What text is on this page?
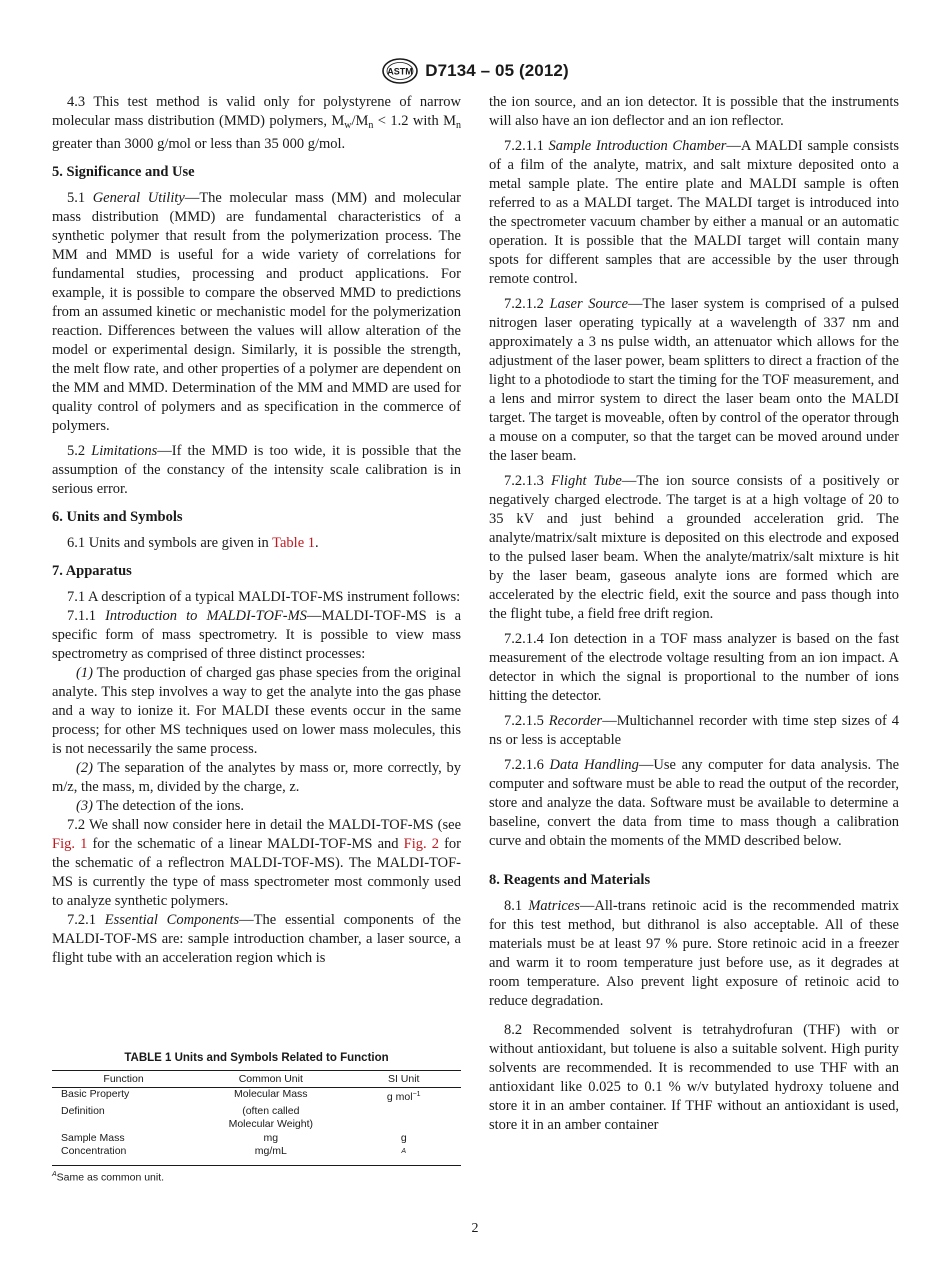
ASTM D7134 – 05 (2012)

4.3 This test method is valid only for polystyrene of narrow molecular mass distribution (MMD) polymers, $M_w/M_n < 1.2$ with $M_n$ greater than 3000 g/mol or less than 35 000 g/mol.

5. Significance and Use

5.1 General Utility—The molecular mass (MM) and molecular mass distribution (MMD) are fundamental characteristics of a synthetic polymer that result from the polymerization process. The MM and MMD is useful for a wide variety of correlations for fundamental studies, processing and product applications. For example, it is possible to compare the observed MMD to predictions from an assumed kinetic or mechanistic model for the polymerization reaction. Differences between the values will allow alteration of the model or experimental design. Similarly, it is possible the strength, the melt flow rate, and other properties of a polymer are dependent on the MM and MMD. Determination of the MM and MMD are used for quality control of polymers and as specification in the commerce of polymers.

5.2 Limitations—If the MMD is too wide, it is possible that the assumption of the constancy of the intensity scale calibration is in serious error.

6. Units and Symbols

6.1 Units and symbols are given in Table 1.

7. Apparatus

7.1 A description of a typical MALDI-TOF-MS instrument follows:

7.1.1 Introduction to MALDI-TOF-MS—MALDI-TOF-MS is a specific form of mass spectrometry. It is possible to view mass spectrometry as comprised of three distinct processes:

(1) The production of charged gas phase species from the original analyte. This step involves a way to get the analyte into the gas phase and a way to ionize it. For MALDI these events occur in the same process; for other MS techniques used on lower mass molecules, this is not necessarily the same process.

(2) The separation of the analytes by mass or, more correctly, by m/z, the mass, m, divided by the charge, z.

(3) The detection of the ions.

7.2 We shall now consider here in detail the MALDI-TOF-MS (see Fig. 1 for the schematic of a linear MALDI-TOF-MS and Fig. 2 for the schematic of a reflectron MALDI-TOF-MS). The MALDI-TOF-MS is currently the type of mass spectrometer most commonly used to analyze synthetic polymers.

7.2.1 Essential Components—The essential components of the MALDI-TOF-MS are: sample introduction chamber, a laser source, a flight tube with an acceleration region which is

TABLE 1 Units and Symbols Related to Function
Function	Common Unit	SI Unit
Basic Property	Molecular Mass	g mol$^{-1}$
Definition	(often called	
	Molecular Weight)	
Sample Mass	mg	g
Concentration	mg/mL	$^A$
$^A$Same as common unit.

the ion source, and an ion detector. It is possible that the instruments will also have an ion deflector and an ion reflector.

7.2.1.1 Sample Introduction Chamber—A MALDI sample consists of a film of the analyte, matrix, and salt mixture deposited onto a metal sample plate. The entire plate and MALDI sample is often referred to as a MALDI target. The MALDI target is introduced into the spectrometer vacuum chamber by either a manual or an automatic operation. It is possible that the MALDI target will contain many spots for different samples that are accessible by the user through remote control.

7.2.1.2 Laser Source—The laser system is comprised of a pulsed nitrogen laser operating typically at a wavelength of 337 nm and approximately a 3 ns pulse width, an attenuator which allows for the adjustment of the laser power, beam splitters to direct a fraction of the light to a photodiode to start the timing for the TOF measurement, and a lens and mirror system to direct the laser beam onto the MALDI target. The target is moveable, often by control of the operator through a mouse on a computer, so that the target can be moved around under the laser beam.

7.2.1.3 Flight Tube—The ion source consists of a positively or negatively charged electrode. The target is at a high voltage of 20 to 35 kV and just behind a grounded acceleration grid. The analyte/matrix/salt mixture is deposited on this electrode and exposed to the pulsed laser beam. When the analyte/matrix/salt mixture is hit by the laser beam, gaseous analyte ions are formed which are accelerated by the electric field, exit the source and pass though into the flight tube, a field free drift region.

7.2.1.4 Ion detection in a TOF mass analyzer is based on the fast measurement of the electrode voltage resulting from an ion impact. A detector in which the signal is proportional to the number of ions hitting the detector.

7.2.1.5 Recorder—Multichannel recorder with time step sizes of 4 ns or less is acceptable

7.2.1.6 Data Handling—Use any computer for data analysis. The computer and software must be able to read the output of the recorder, store and analyze the data. Software must be available to determine a baseline, convert the data from time to mass though a calibration curve and obtain the moments of the MMD described below.

8. Reagents and Materials

8.1 Matrices—All-trans retinoic acid is the recommended matrix for this test method, but dithranol is also acceptable. All of these materials must be at least 97 % pure. Store retinoic acid in a freezer and warm it to room temperature just before use, as it degrades at room temperature. Also prevent light exposure of retinoic acid to reduce degradation.

8.2 Recommended solvent is tetrahydrofuran (THF) with or without antioxidant, but toluene is also a suitable solvent. High purity solvents are recommended. It is recommended to use THF with an antioxidant like 0.025 to 0.1 % w/v butylated hydroxy toluene and store it in an amber container. If THF without an antioxidant is used, store it in an amber container

2
